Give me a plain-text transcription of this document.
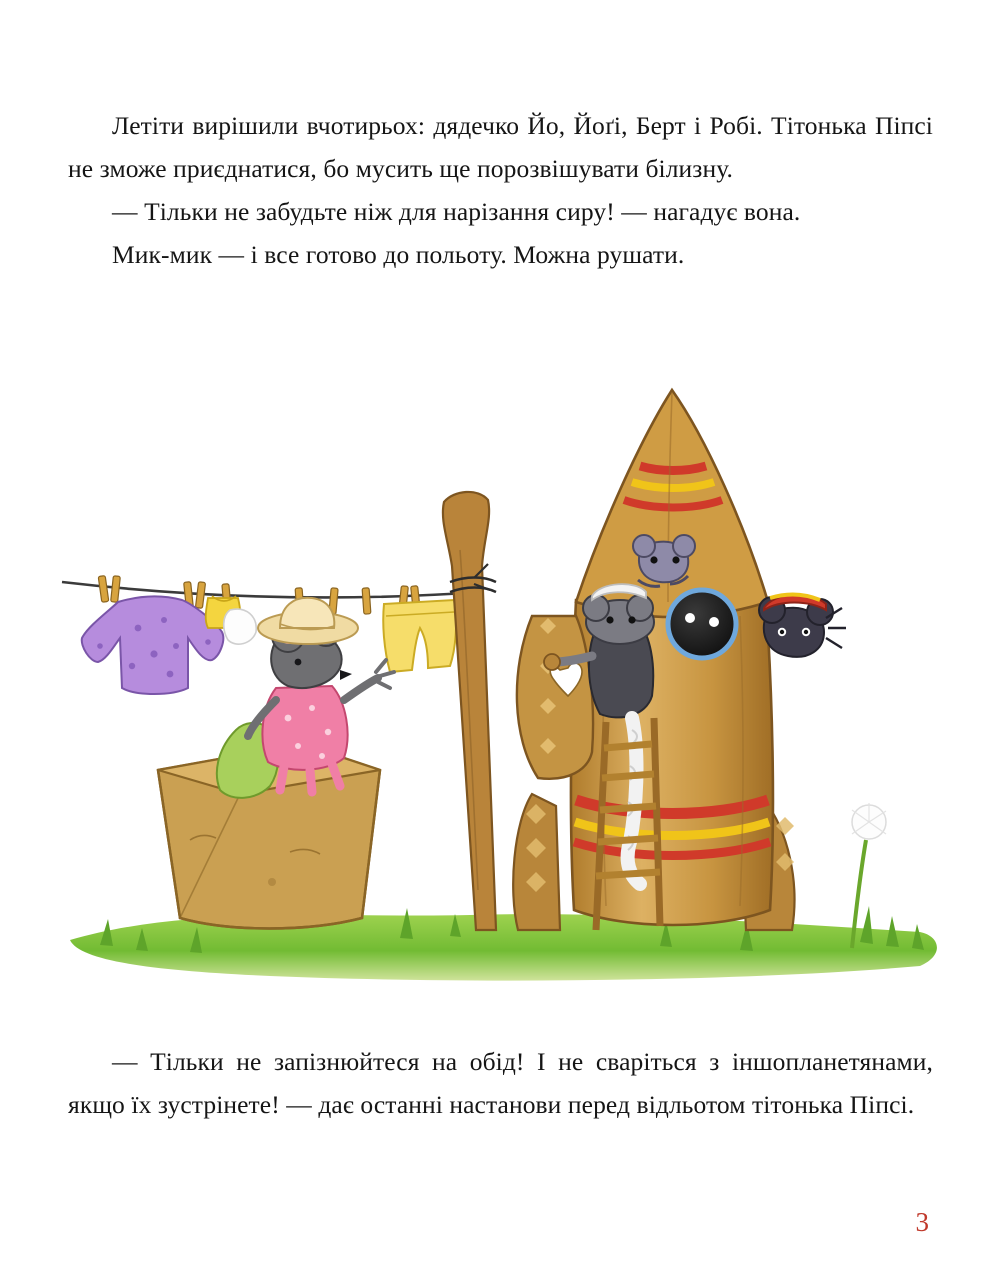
Летіти вирішили вчотирьох: дядечко Йо, Йоґі, Берт і Робі. Тітонька Піпсі не зможе приєднатися, бо мусить ще порозвішувати білизну.

— Тільки не забудьте ніж для нарізання сиру! — нагадує вона.

Мик-мик — і все готово до польоту. Можна рушати.

— Тільки не запізнюйтеся на обід! І не сваріться з іншопланетянами, якщо їх зустрінете! — дає останні настанови перед відльотом тітонька Піпсі.

3
